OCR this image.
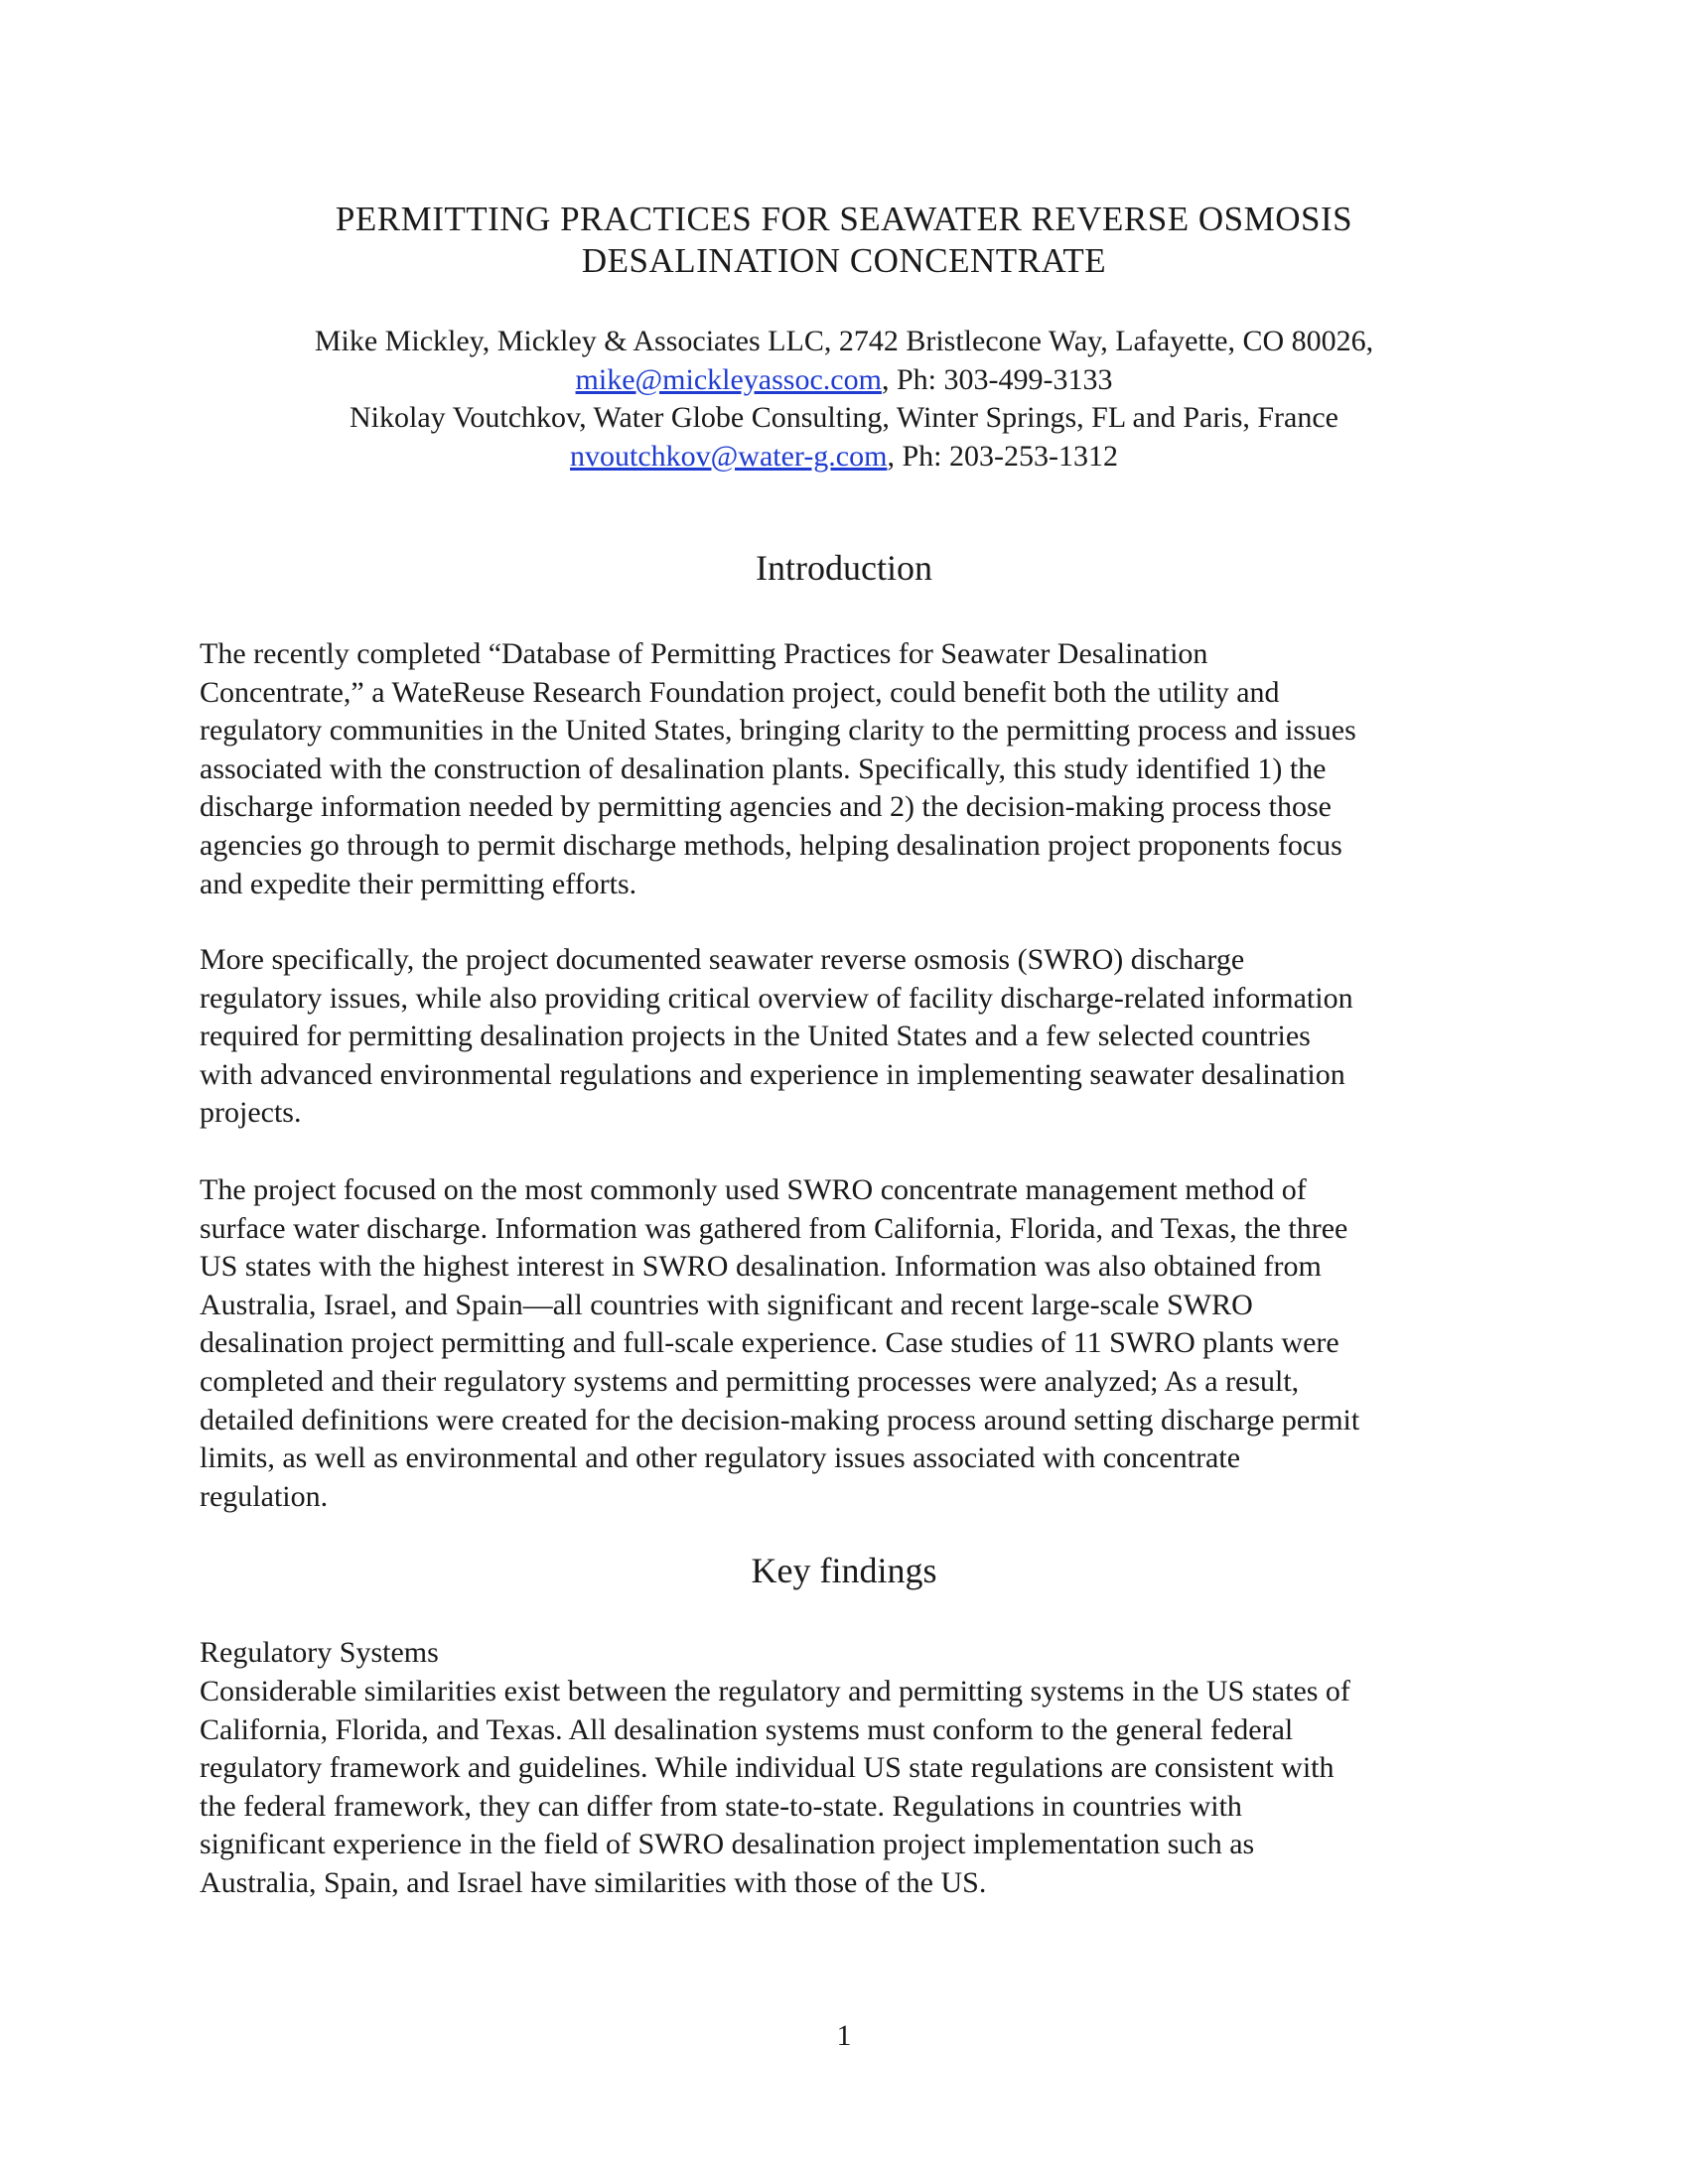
PERMITTING PRACTICES FOR SEAWATER REVERSE OSMOSIS
DESALINATION CONCENTRATE
Mike Mickley, Mickley & Associates LLC, 2742 Bristlecone Way, Lafayette, CO 80026,
mike@mickleyassoc.com, Ph: 303-499-3133
Nikolay Voutchkov, Water Globe Consulting, Winter Springs, FL and Paris, France
nvoutchkov@water-g.com, Ph: 203-253-1312
Introduction

The recently completed “Database of Permitting Practices for Seawater Desalination
Concentrate,” a WateReuse Research Foundation project, could benefit both the utility and
regulatory communities in the United States, bringing clarity to the permitting process and issues
associated with the construction of desalination plants. Specifically, this study identified 1) the
discharge information needed by permitting agencies and 2) the decision-making process those
agencies go through to permit discharge methods, helping desalination project proponents focus
and expedite their permitting efforts.

More specifically, the project documented seawater reverse osmosis (SWRO) discharge
regulatory issues, while also providing critical overview of facility discharge-related information
required for permitting desalination projects in the United States and a few selected countries
with advanced environmental regulations and experience in implementing seawater desalination
projects.

The project focused on the most commonly used SWRO concentrate management method of
surface water discharge. Information was gathered from California, Florida, and Texas, the three
US states with the highest interest in SWRO desalination. Information was also obtained from
Australia, Israel, and Spain—all countries with significant and recent large-scale SWRO
desalination project permitting and full-scale experience. Case studies of 11 SWRO plants were
completed and their regulatory systems and permitting processes were analyzed; As a result,
detailed definitions were created for the decision-making process around setting discharge permit
limits, as well as environmental and other regulatory issues associated with concentrate
regulation.

Key findings

Regulatory Systems

Considerable similarities exist between the regulatory and permitting systems in the US states of
California, Florida, and Texas. All desalination systems must conform to the general federal
regulatory framework and guidelines. While individual US state regulations are consistent with
the federal framework, they can differ from state-to-state. Regulations in countries with
significant experience in the field of SWRO desalination project implementation such as
Australia, Spain, and Israel have similarities with those of the US.

1
